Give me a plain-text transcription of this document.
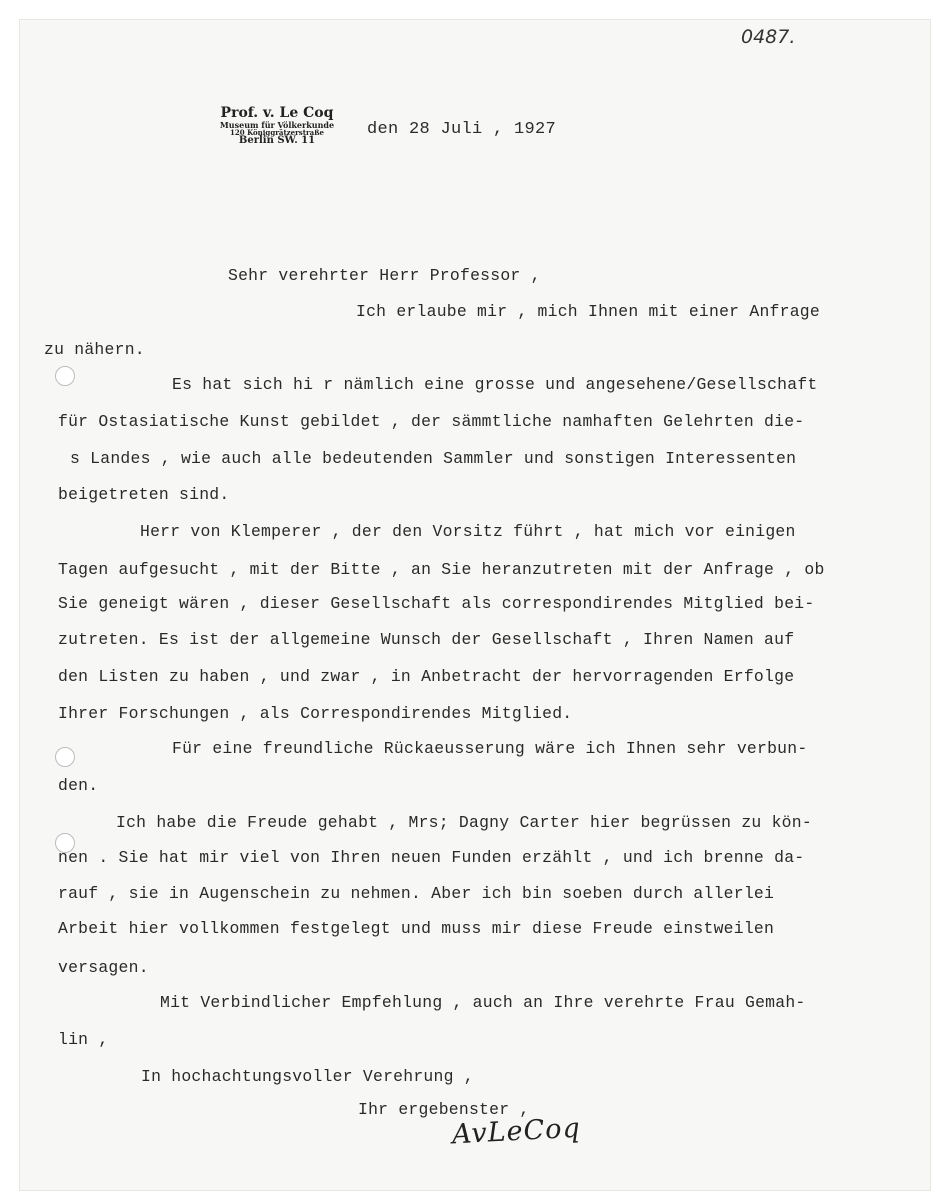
0487.
Prof. v. Le Coq
Museum für Völkerkunde
120 Königgrätzerstraße
Berlin SW. 11
den 28 Juli , 1927
Sehr verehrter Herr Professor ,
Ich erlaube mir , mich Ihnen mit einer Anfrage
zu nähern.
Es hat sich hi r nämlich eine grosse und angesehene/Gesellschaft
für Ostasiatische Kunst gebildet , der sämmtliche namhaften Gelehrten die-
s Landes , wie auch alle bedeutenden Sammler und sonstigen Interessenten
beigetreten sind.
Herr von Klemperer , der den Vorsitz führt , hat mich vor einigen
Tagen aufgesucht , mit der Bitte , an Sie heranzutreten mit der Anfrage , ob
Sie geneigt wären , dieser Gesellschaft als correspondirendes Mitglied bei-
zutreten. Es ist der allgemeine Wunsch der Gesellschaft , Ihren Namen auf
den Listen zu haben , und zwar , in Anbetracht der hervorragenden Erfolge
Ihrer Forschungen , als Correspondirendes Mitglied.
Für eine freundliche Rückaeusserung wäre ich Ihnen sehr verbun-
den.
Ich habe die Freude gehabt , Mrs; Dagny Carter hier begrüssen zu kön-
nen . Sie hat mir viel von Ihren neuen Funden erzählt , und ich brenne da-
rauf , sie in Augenschein zu nehmen. Aber ich bin soeben durch allerlei
Arbeit hier vollkommen festgelegt und muss mir diese Freude einstweilen
versagen.
Mit Verbindlicher Empfehlung , auch an Ihre verehrte Frau Gemah-
lin ,
In hochachtungsvoller Verehrung ,
Ihr ergebenster ,
AvLeCoq
